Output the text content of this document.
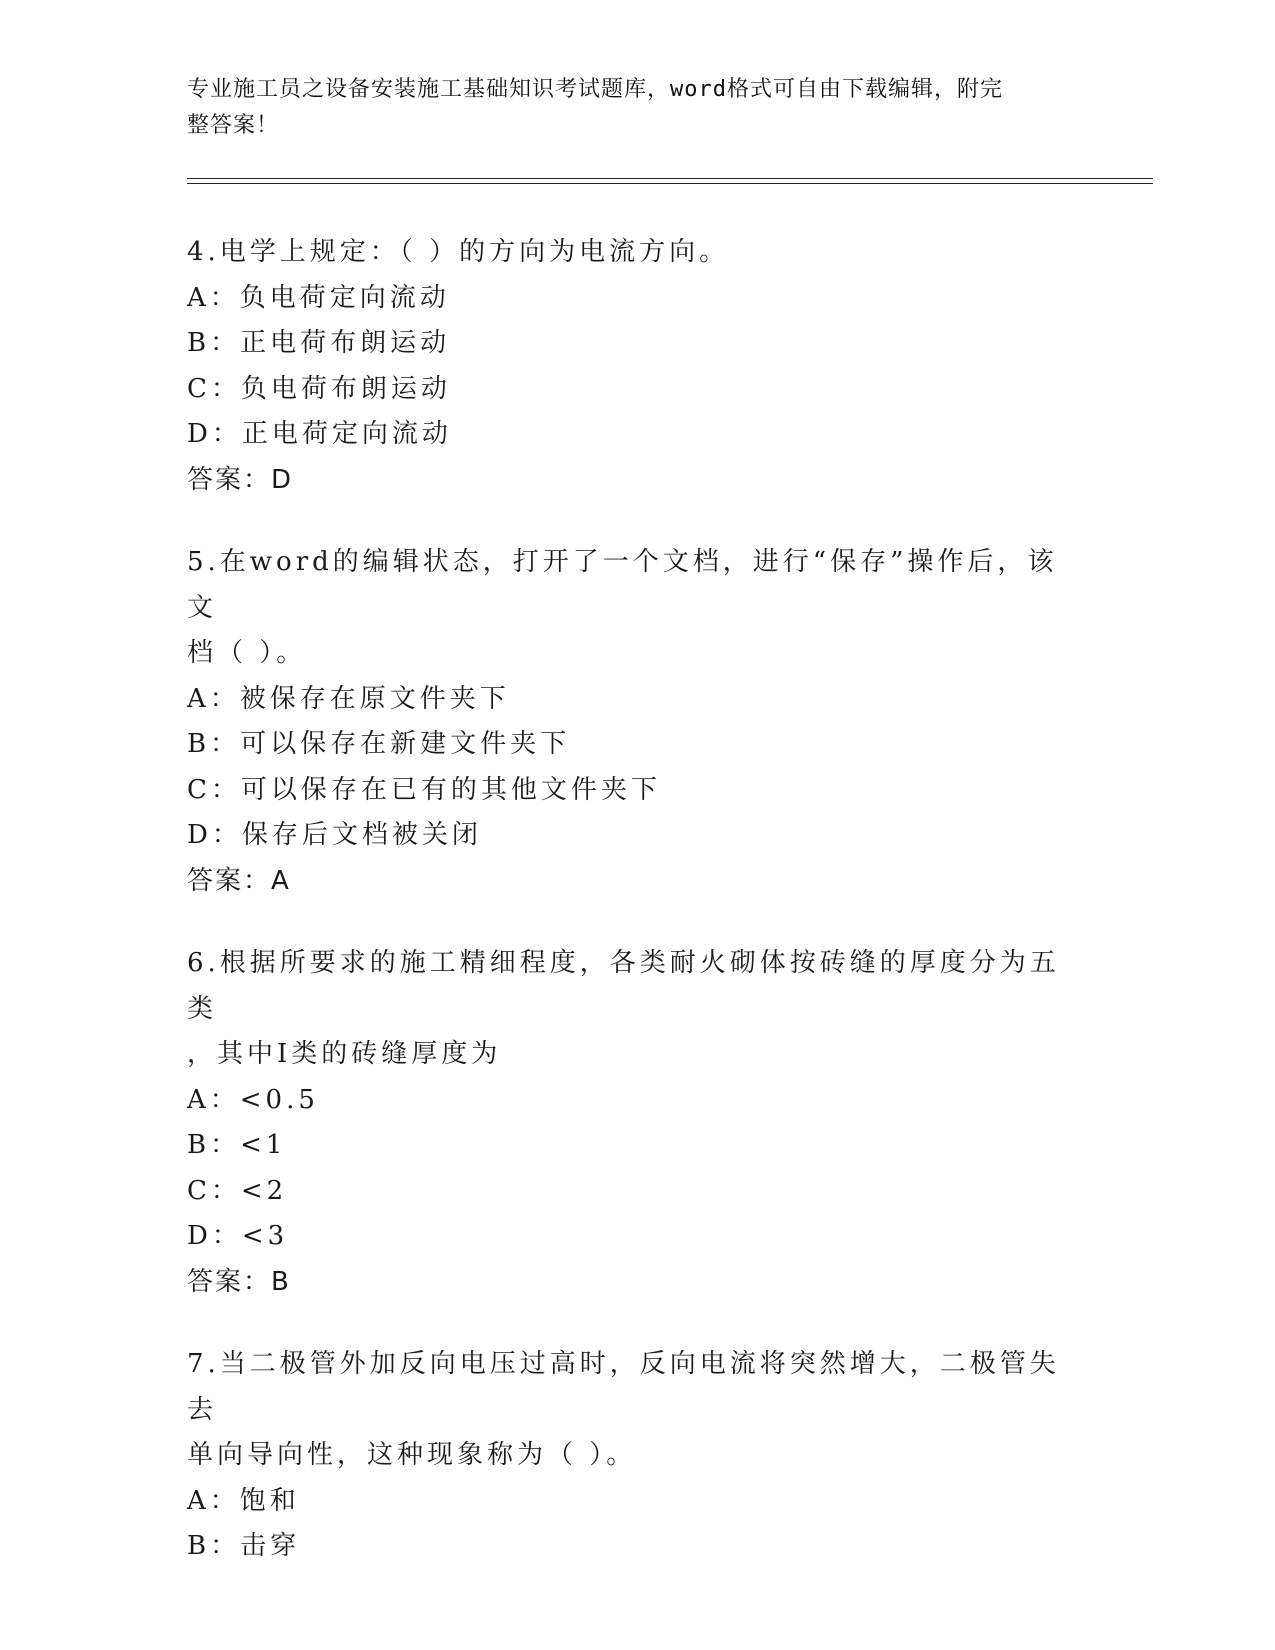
专业施工员之设备安装施工基础知识考试题库，word格式可自由下载编辑，附完
整答案！
4.电学上规定：（ ）的方向为电流方向。
A：负电荷定向流动
B：正电荷布朗运动
C：负电荷布朗运动
D：正电荷定向流动
答案：D
5.在word的编辑状态，打开了一个文档，进行“保存”操作后，该文
档（ ）。
A：被保存在原文件夹下
B：可以保存在新建文件夹下
C：可以保存在已有的其他文件夹下
D：保存后文档被关闭
答案：A
6.根据所要求的施工精细程度，各类耐火砌体按砖缝的厚度分为五类
，其中I类的砖缝厚度为
A：<0.5
B：<1
C：<2
D：<3
答案：B
7.当二极管外加反向电压过高时，反向电流将突然增大，二极管失去
单向导向性，这种现象称为（ ）。
A：饱和
B：击穿
